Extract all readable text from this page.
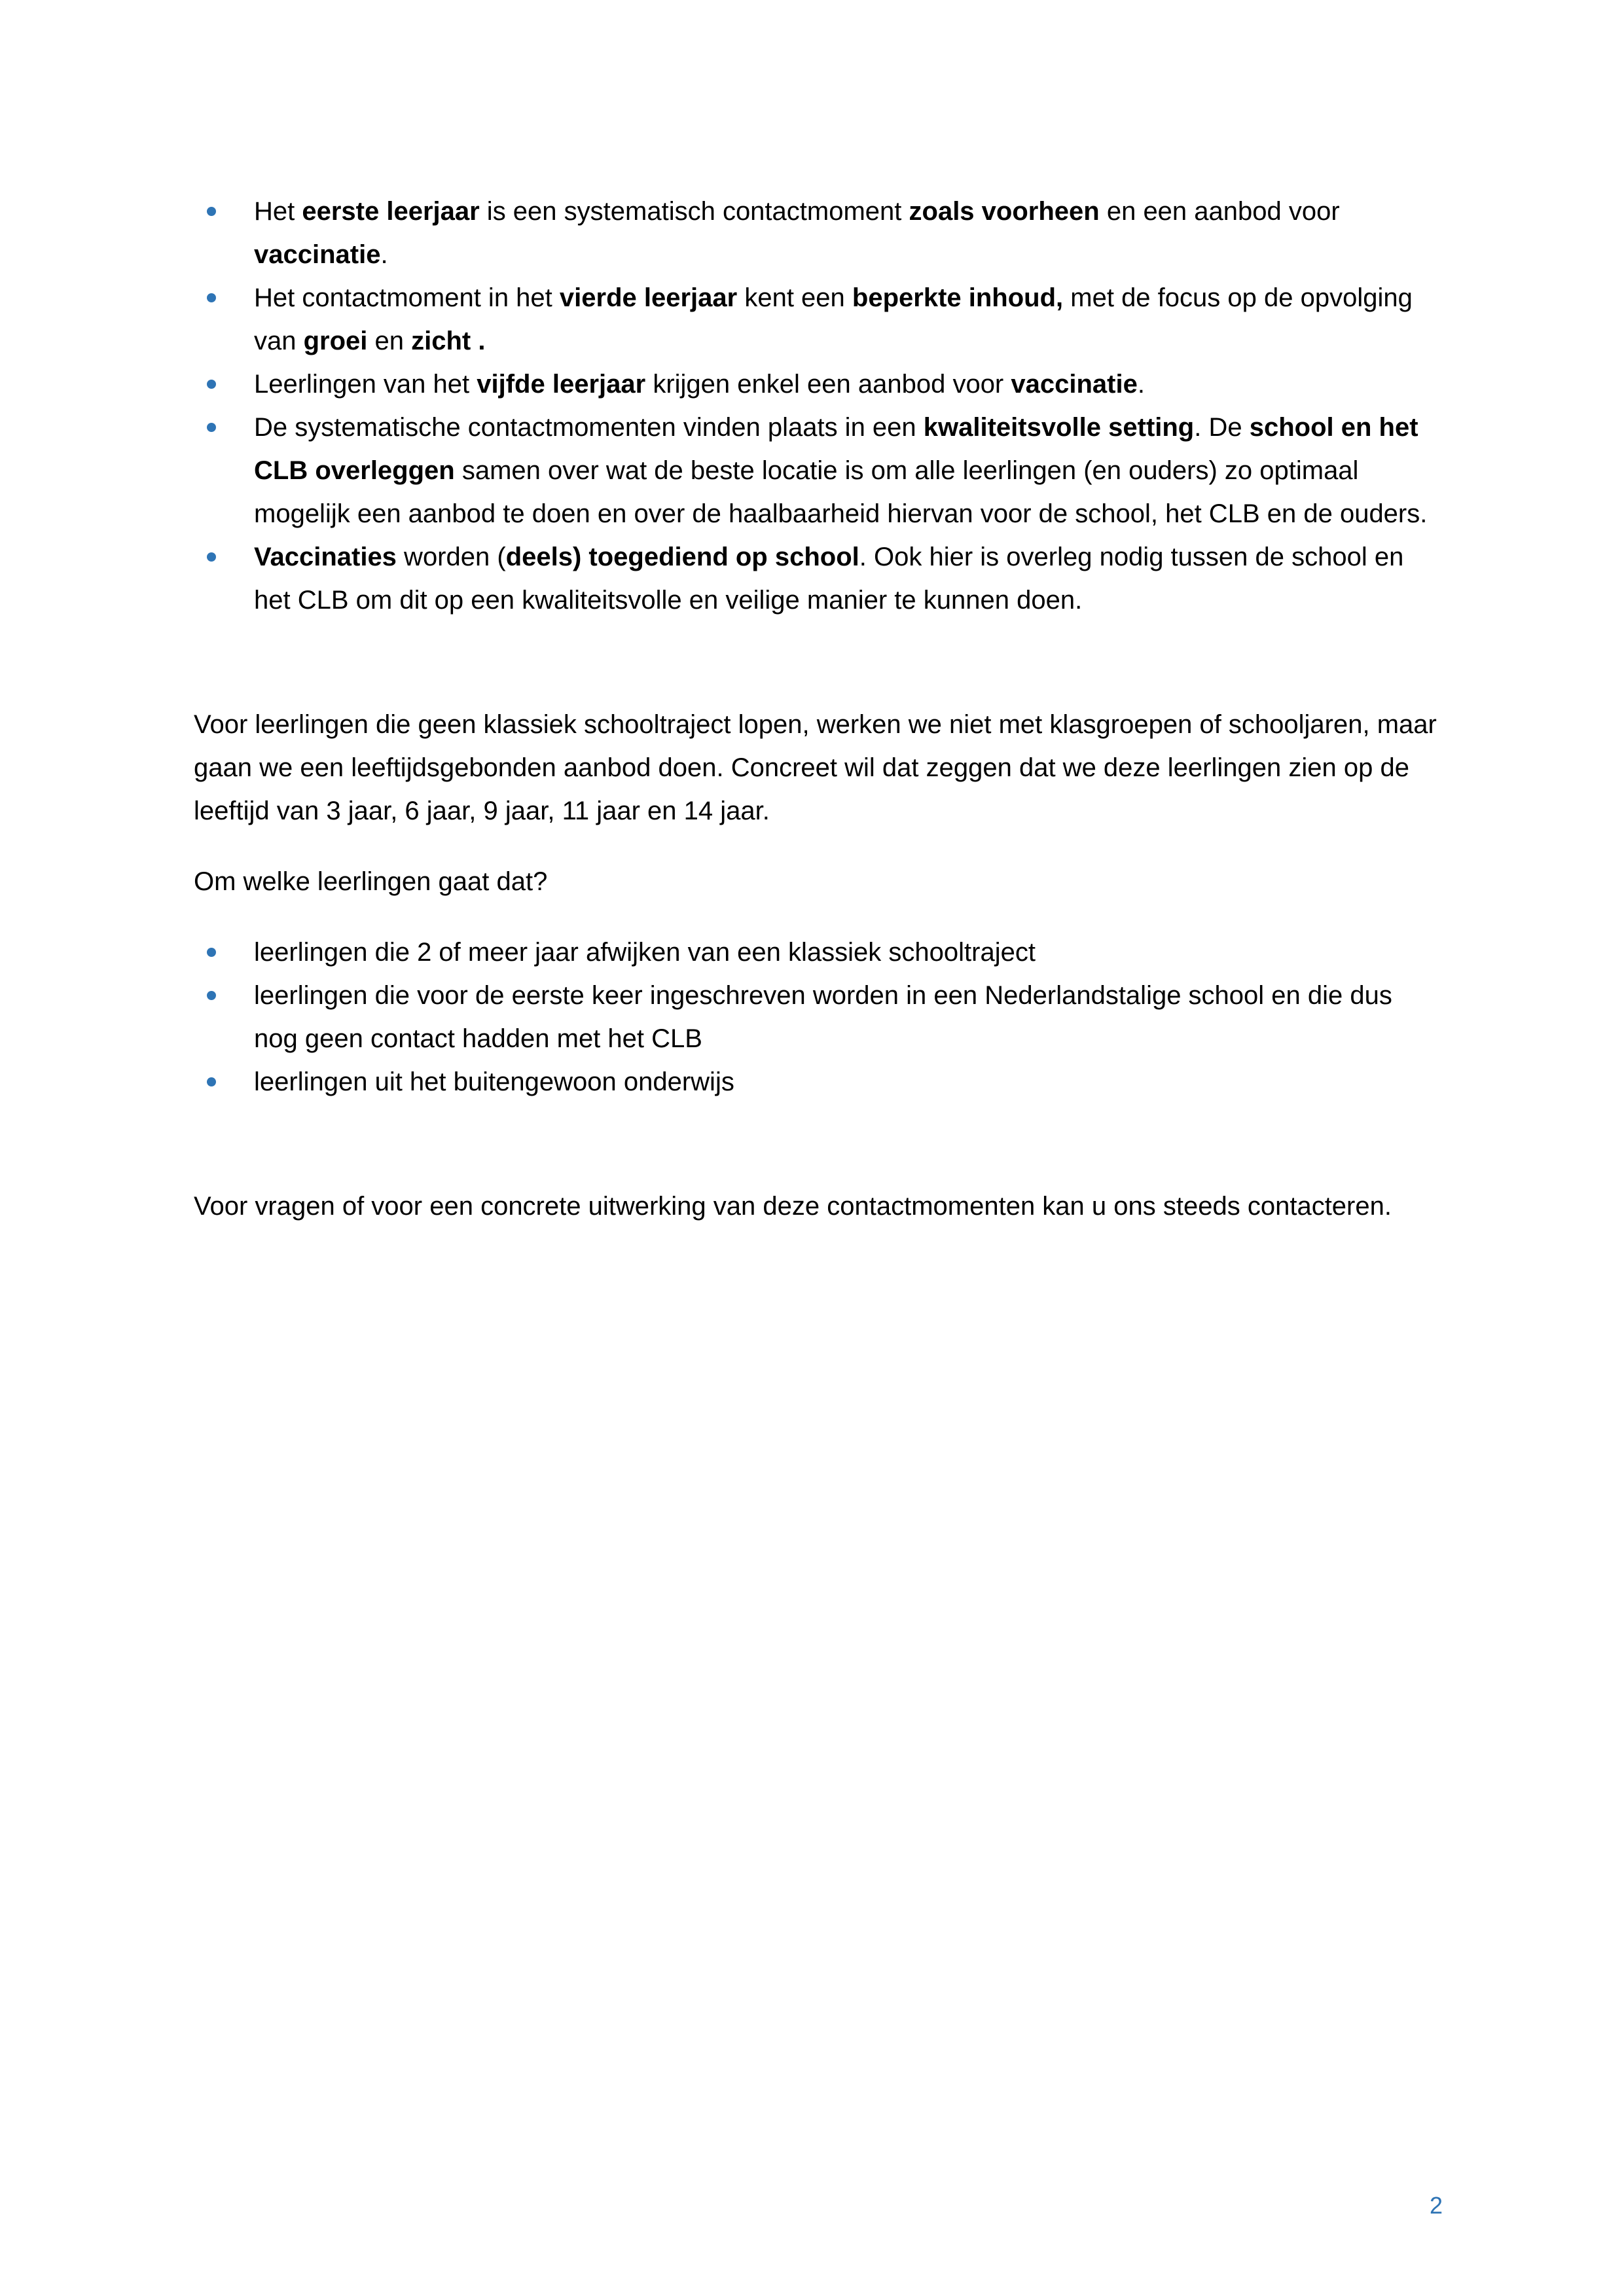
Het eerste leerjaar is een systematisch contactmoment zoals voorheen en een aanbod voor vaccinatie.
Het contactmoment in het vierde leerjaar kent een beperkte inhoud, met de focus op de opvolging van groei en zicht .
Leerlingen van het vijfde leerjaar krijgen enkel een aanbod voor vaccinatie.
De systematische contactmomenten vinden plaats in een kwaliteitsvolle setting. De school en het CLB overleggen samen over wat de beste locatie is om alle leerlingen (en ouders) zo optimaal mogelijk een aanbod te doen en over de haalbaarheid hiervan voor de school, het CLB en de ouders.
Vaccinaties worden (deels) toegediend op school. Ook hier is overleg nodig tussen de school en het CLB om dit op een kwaliteitsvolle en veilige manier te kunnen doen.

Voor leerlingen die geen klassiek schooltraject lopen, werken we niet met klasgroepen of schooljaren, maar gaan we een leeftijdsgebonden aanbod doen. Concreet wil dat zeggen dat we deze leerlingen zien op de leeftijd van 3 jaar, 6 jaar, 9 jaar, 11 jaar en 14 jaar.

Om welke leerlingen gaat dat?

leerlingen die 2 of meer jaar afwijken van een klassiek schooltraject
leerlingen die voor de eerste keer ingeschreven worden in een Nederlandstalige school en die dus nog geen contact hadden met het CLB
leerlingen uit het buitengewoon onderwijs

Voor vragen of voor een concrete uitwerking van deze contactmomenten kan u ons steeds contacteren.

2
